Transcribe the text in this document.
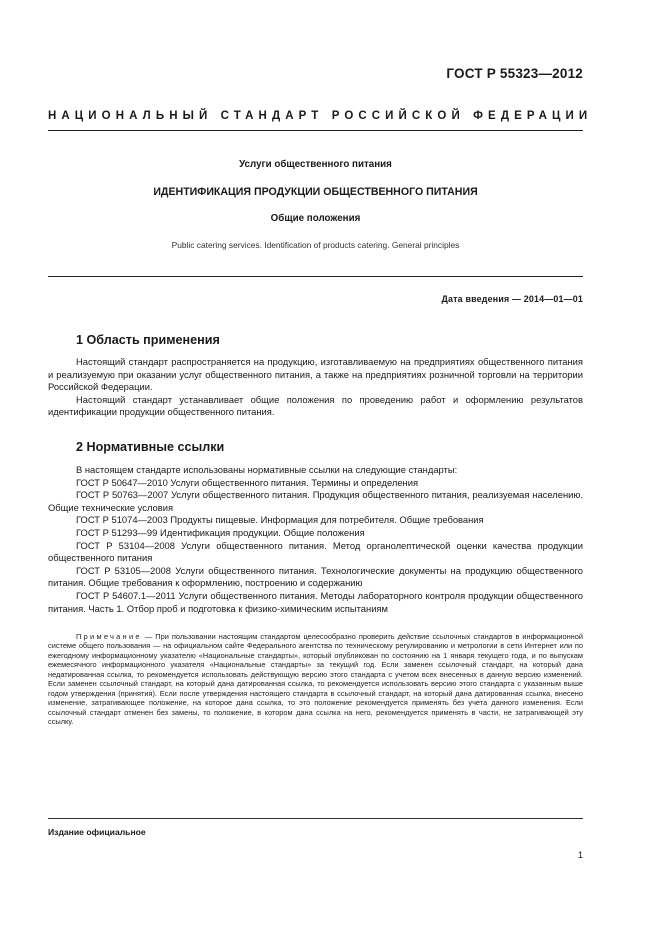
ГОСТ Р 55323—2012
НАЦИОНАЛЬНЫЙ СТАНДАРТ РОССИЙСКОЙ ФЕДЕРАЦИИ
Услуги общественного питания
ИДЕНТИФИКАЦИЯ ПРОДУКЦИИ ОБЩЕСТВЕННОГО ПИТАНИЯ
Общие положения
Public catering services. Identification of products catering. General principles
Дата введения — 2014—01—01
1 Область применения

Настоящий стандарт распространяется на продукцию, изготавливаемую на предприятиях общественного питания и реализуемую при оказании услуг общественного питания, а также на предприятиях розничной торговли на территории Российской Федерации.

Настоящий стандарт устанавливает общие положения по проведению работ и оформлению результатов идентификации продукции общественного питания.

2 Нормативные ссылки

В настоящем стандарте использованы нормативные ссылки на следующие стандарты:

ГОСТ Р 50647—2010 Услуги общественного питания. Термины и определения

ГОСТ Р 50763—2007 Услуги общественного питания. Продукция общественного питания, реализуемая населению. Общие технические условия

ГОСТ Р 51074—2003 Продукты пищевые. Информация для потребителя. Общие требования

ГОСТ Р 51293—99 Идентификация продукции. Общие положения

ГОСТ Р 53104—2008 Услуги общественного питания. Метод органолептической оценки качества продукции общественного питания

ГОСТ Р 53105—2008 Услуги общественного питания. Технологические документы на продукцию общественного питания. Общие требования к оформлению, построению и содержанию

ГОСТ Р 54607.1—2011 Услуги общественного питания. Методы лабораторного контроля продукции общественного питания. Часть 1. Отбор проб и подготовка к физико-химическим испытаниям

Примечание — При пользовании настоящим стандартом целесообразно проверить действие ссылочных стандартов в информационной системе общего пользования — на официальном сайте Федерального агентства по техническому регулированию и метрологии в сети Интернет или по ежегодному информационному указателю «Национальные стандарты», который опубликован по состоянию на 1 января текущего года, и по выпускам ежемесячного информационного указателя «Национальные стандарты» за текущий год. Если заменен ссылочный стандарт, на который дана недатированная ссылка, то рекомендуется использовать действующую версию этого стандарта с учетом всех внесенных в данную версию изменений. Если заменен ссылочный стандарт, на который дана датированная ссылка, то рекомендуется использовать версию этого стандарта с указанным выше годом утверждения (принятия). Если после утверждения настоящего стандарта в ссылочный стандарт, на который дана датированная ссылка, внесено изменение, затрагивающее положение, на которое дана ссылка, то это положение рекомендуется применять без учета данного изменения. Если ссылочный стандарт отменен без замены, то положение, в котором дана ссылка на него, рекомендуется применять в части, не затрагивающей эту ссылку.

Издание официальное
1
